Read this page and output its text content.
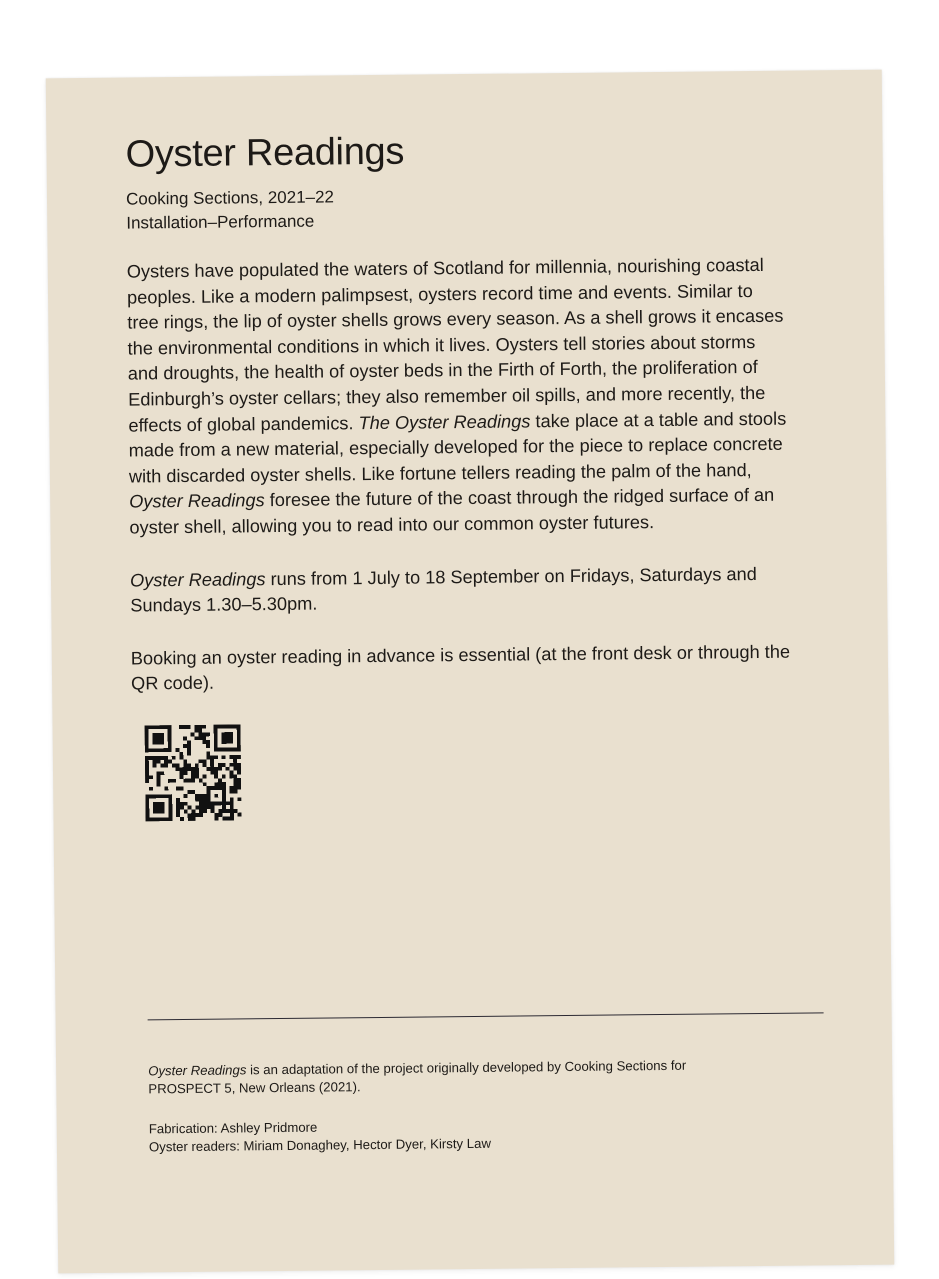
Oyster Readings
Cooking Sections, 2021–22
Installation–Performance
Oysters have populated the waters of Scotland for millennia, nourishing coastal
peoples. Like a modern palimpsest, oysters record time and events. Similar to
tree rings, the lip of oyster shells grows every season. As a shell grows it encases
the environmental conditions in which it lives. Oysters tell stories about storms
and droughts, the health of oyster beds in the Firth of Forth, the proliferation of
Edinburgh’s oyster cellars; they also remember oil spills, and more recently, the
effects of global pandemics. The Oyster Readings take place at a table and stools
made from a new material, especially developed for the piece to replace concrete
with discarded oyster shells. Like fortune tellers reading the palm of the hand,
Oyster Readings foresee the future of the coast through the ridged surface of an
oyster shell, allowing you to read into our common oyster futures.
Oyster Readings runs from 1 July to 18 September on Fridays, Saturdays and
Sundays 1.30–5.30pm.
Booking an oyster reading in advance is essential (at the front desk or through the
QR code).
Oyster Readings is an adaptation of the project originally developed by Cooking Sections for
PROSPECT 5, New Orleans (2021).
Fabrication: Ashley Pridmore
Oyster readers: Miriam Donaghey, Hector Dyer, Kirsty Law
